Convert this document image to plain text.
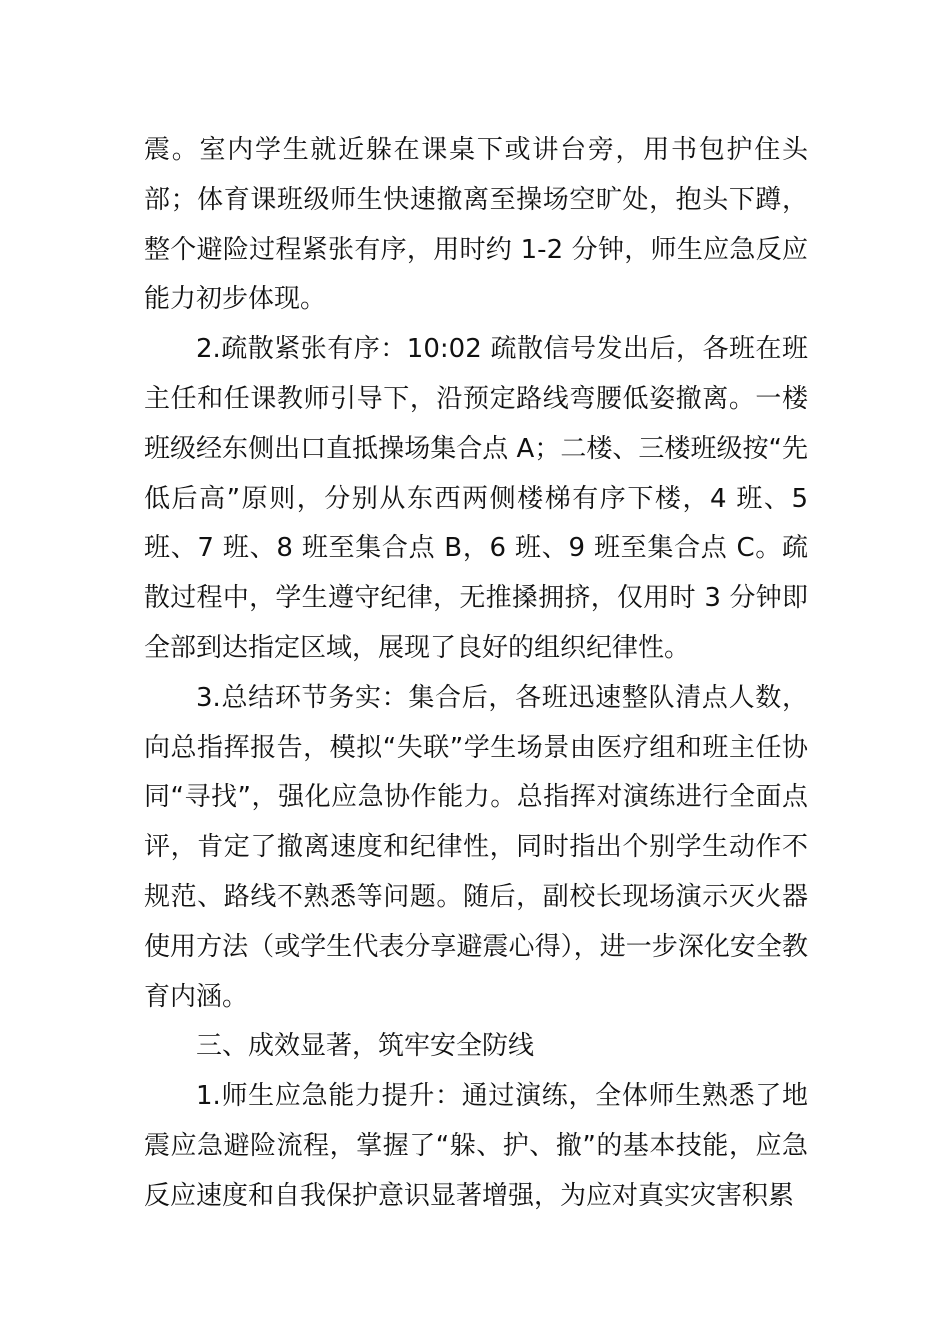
震。室内学生就近躲在课桌下或讲台旁，用书包护住头部；体育课班级师生快速撤离至操场空旷处，抱头下蹲，整个避险过程紧张有序，用时约 1-2 分钟，师生应急反应能力初步体现。

2.疏散紧张有序：10:02 疏散信号发出后，各班在班主任和任课教师引导下，沿预定路线弯腰低姿撤离。一楼班级经东侧出口直抵操场集合点 A；二楼、三楼班级按“先低后高”原则，分别从东西两侧楼梯有序下楼，4 班、5 班、7 班、8 班至集合点 B，6 班、9 班至集合点 C。疏散过程中，学生遵守纪律，无推搡拥挤，仅用时 3 分钟即全部到达指定区域，展现了良好的组织纪律性。

3.总结环节务实：集合后，各班迅速整队清点人数，向总指挥报告，模拟“失联”学生场景由医疗组和班主任协同“寻找”，强化应急协作能力。总指挥对演练进行全面点评，肯定了撤离速度和纪律性，同时指出个别学生动作不规范、路线不熟悉等问题。随后，副校长现场演示灭火器使用方法（或学生代表分享避震心得），进一步深化安全教育内涵。

三、成效显著，筑牢安全防线

1.师生应急能力提升：通过演练，全体师生熟悉了地震应急避险流程，掌握了“躲、护、撤”的基本技能，应急反应速度和自我保护意识显著增强，为应对真实灾害积累
